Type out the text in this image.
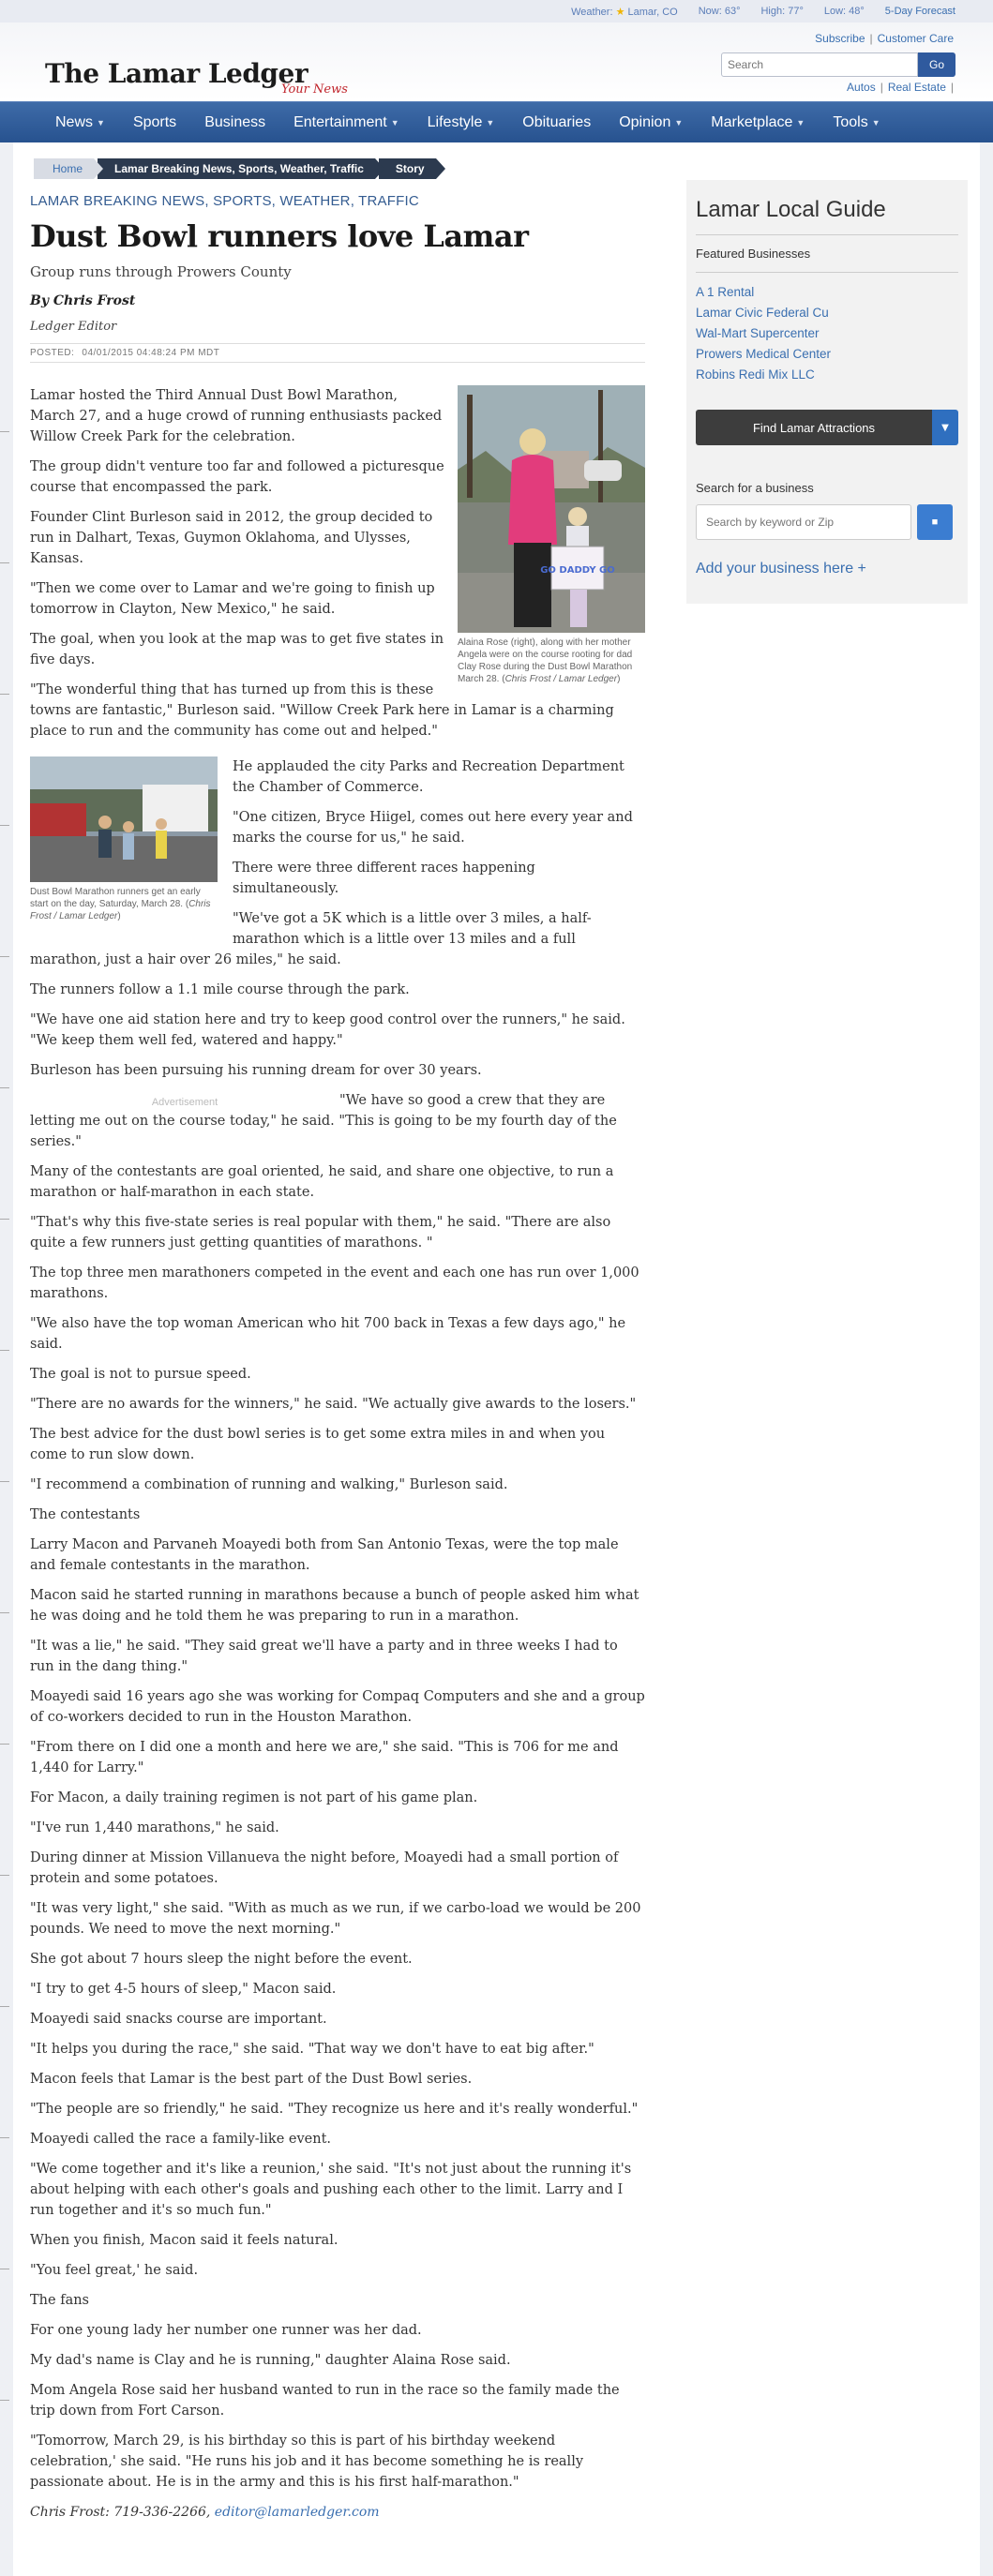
Weather: ★ Lamar, CO Now: 63° High: 77° Low: 48° 5-Day Forecast
The Lamar Ledger
Your News
Subscribe | Customer Care
Search
Go
Autos | Real Estate |
News ▼ Sports Business Entertainment ▼ Lifestyle ▼ Obituaries Opinion ▼ Marketplace ▼ Tools ▼
Home	Lamar Breaking News, Sports, Weather, Traffic	Story
LAMAR BREAKING NEWS, SPORTS, WEATHER, TRAFFIC
Dust Bowl runners love Lamar
Group runs through Prowers County
By Chris Frost
Ledger Editor
POSTED: 04/01/2015 04:48:24 PM MDT
GO DADDY GO
Alaina Rose (right), along with her mother Angela were on the course rooting for dad Clay Rose during the Dust Bowl Marathon March 28. (Chris Frost / Lamar Ledger)

Lamar hosted the Third Annual Dust Bowl Marathon, March 27, and a huge crowd of running enthusiasts packed Willow Creek Park for the celebration.

The group didn't venture too far and followed a picturesque course that encompassed the park.

Founder Clint Burleson said in 2012, the group decided to run in Dalhart, Texas, Guymon Oklahoma, and Ulysses, Kansas.

"Then we come over to Lamar and we're going to finish up tomorrow in Clayton, New Mexico," he said.

The goal, when you look at the map was to get five states in five days.

"The wonderful thing that has turned up from this is these towns are fantastic," Burleson said. "Willow Creek Park here in Lamar is a charming place to run and the community has come out and helped."

Dust Bowl Marathon runners get an early start on the day, Saturday, March 28. (Chris Frost / Lamar Ledger)

He applauded the city Parks and Recreation Department the Chamber of Commerce.

"One citizen, Bryce Hiigel, comes out here every year and marks the course for us," he said.

There were three different races happening simultaneously.

"We've got a 5K which is a little over 3 miles, a half-marathon which is a little over 13 miles and a full marathon, just a hair over 26 miles," he said.

The runners follow a 1.1 mile course through the park.

"We have one aid station here and try to keep good control over the runners," he said. "We keep them well fed, watered and happy."

Burleson has been pursuing his running dream for over 30 years.

Advertisement	"We have so good a crew that they are letting me out on the course today," he said. "This is going to be my fourth day of the series."

Many of the contestants are goal oriented, he said, and share one objective, to run a marathon or half-marathon in each state.

"That's why this five-state series is real popular with them," he said. "There are also quite a few runners just getting quantities of marathons. "

The top three men marathoners competed in the event and each one has run over 1,000 marathons.

"We also have the top woman American who hit 700 back in Texas a few days ago," he said.

The goal is not to pursue speed.

"There are no awards for the winners," he said. "We actually give awards to the losers."

The best advice for the dust bowl series is to get some extra miles in and when you come to run slow down.

"I recommend a combination of running and walking," Burleson said.

The contestants

Larry Macon and Parvaneh Moayedi both from San Antonio Texas, were the top male and female contestants in the marathon.

Macon said he started running in marathons because a bunch of people asked him what he was doing and he told them he was preparing to run in a marathon.

"It was a lie," he said. "They said great we'll have a party and in three weeks I had to run in the dang thing."

Moayedi said 16 years ago she was working for Compaq Computers and she and a group of co-workers decided to run in the Houston Marathon.

"From there on I did one a month and here we are," she said. "This is 706 for me and 1,440 for Larry."

For Macon, a daily training regimen is not part of his game plan.

"I've run 1,440 marathons," he said.

During dinner at Mission Villanueva the night before, Moayedi had a small portion of protein and some potatoes.

"It was very light," she said. "With as much as we run, if we carbo-load we would be 200 pounds. We need to move the next morning."

She got about 7 hours sleep the night before the event.

"I try to get 4-5 hours of sleep," Macon said.

Moayedi said snacks course are important.

"It helps you during the race," she said. "That way we don't have to eat big after."

Macon feels that Lamar is the best part of the Dust Bowl series.

"The people are so friendly," he said. "They recognize us here and it's really wonderful."

Moayedi called the race a family-like event.

"We come together and it's like a reunion,' she said. "It's not just about the running it's about helping with each other's goals and pushing each other to the limit. Larry and I run together and it's so much fun."

When you finish, Macon said it feels natural.

"You feel great,' he said.

The fans

For one young lady her number one runner was her dad.

My dad's name is Clay and he is running," daughter Alaina Rose said.

Mom Angela Rose said her husband wanted to run in the race so the family made the trip down from Fort Carson.

"Tomorrow, March 29, is his birthday so this is part of his birthday weekend celebration,' she said. "He runs his job and it has become something he is really passionate about. He is in the army and this is his first half-marathon."

Chris Frost: 719-336-2266, editor@lamarledger.com
Lamar Local Guide
Featured Businesses
A 1 Rental
Lamar Civic Federal Cu
Wal-Mart Supercenter
Prowers Medical Center
Robins Redi Mix LLC
Find Lamar Attractions	▼
Search for a business
Search by keyword or Zip
■
Add your business here +
